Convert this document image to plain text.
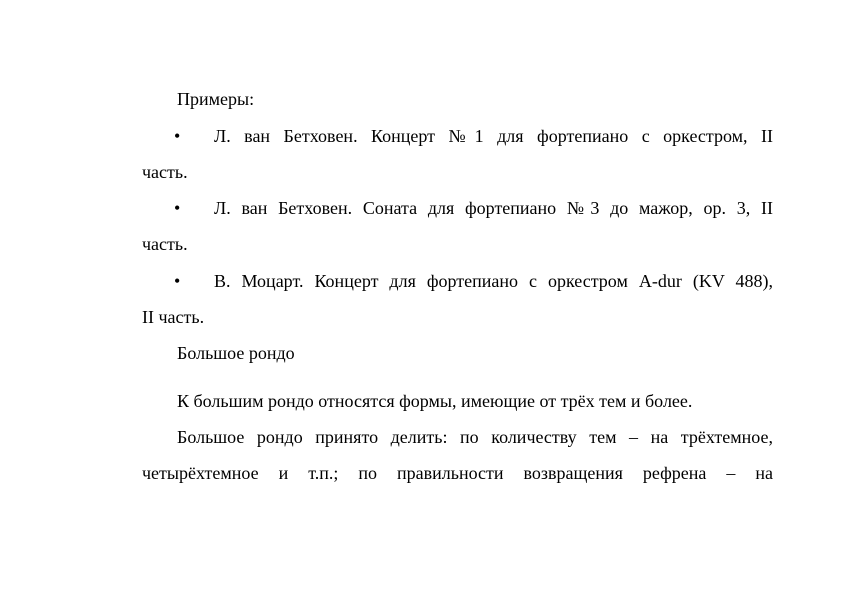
Примеры:
• Л. ван Бетховен. Концерт №1 для фортепиано с оркестром, II
часть.
• Л. ван Бетховен. Соната для фортепиано №3 до мажор, ор. 3, II
часть.
• В. Моцарт. Концерт для фортепиано с оркестром A-dur (KV 488),
II часть.
Большое рондо
К большим рондо относятся формы, имеющие от трёх тем и более.
Большое рондо принято делить: по количеству тем – на трёхтемное,
четырёхтемное и т.п.; по правильности возвращения рефрена – на
